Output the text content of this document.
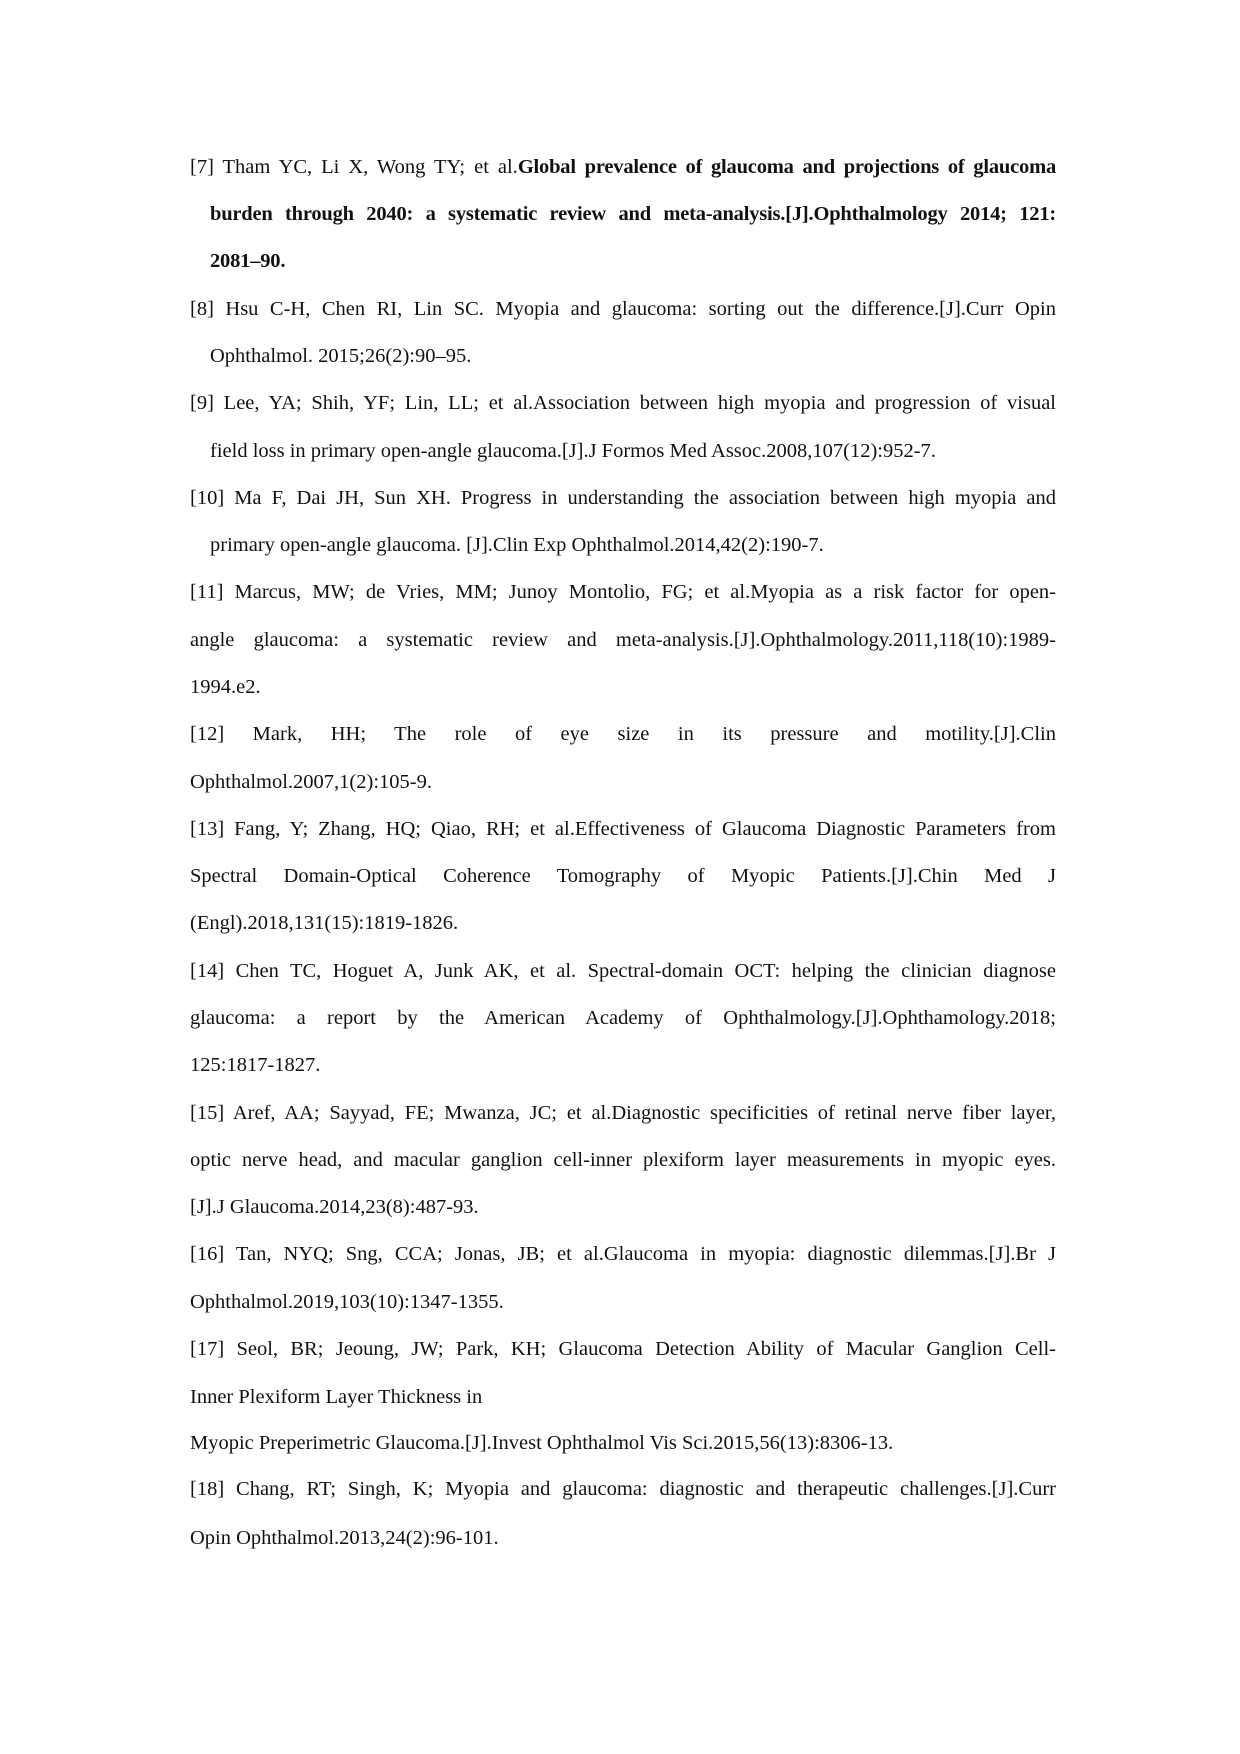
[7] Tham YC, Li X, Wong TY; et al.Global prevalence of glaucoma and projections of glaucoma
burden through 2040: a systematic review and meta-analysis.[J].Ophthalmology 2014; 121:
2081–90.
[8] Hsu C-H, Chen RI, Lin SC. Myopia and glaucoma: sorting out the difference.[J].Curr Opin
Ophthalmol. 2015;26(2):90–95.
[9] Lee, YA; Shih, YF; Lin, LL; et al.Association between high myopia and progression of visual
field loss in primary open-angle glaucoma.[J].J Formos Med Assoc.2008,107(12):952-7.
[10] Ma F, Dai JH, Sun XH. Progress in understanding the association between high myopia and
primary open-angle glaucoma. [J].Clin Exp Ophthalmol.2014,42(2):190-7.
[11] Marcus, MW; de Vries, MM; Junoy Montolio, FG; et al.Myopia as a risk factor for open-
angle glaucoma: a systematic review and meta-analysis.[J].Ophthalmology.2011,118(10):1989-
1994.e2.
[12] Mark, HH; The role of eye size in its pressure and motility.[J].Clin
Ophthalmol.2007,1(2):105-9.
[13] Fang, Y; Zhang, HQ; Qiao, RH; et al.Effectiveness of Glaucoma Diagnostic Parameters from
Spectral Domain-Optical Coherence Tomography of Myopic Patients.[J].Chin Med J
(Engl).2018,131(15):1819-1826.
[14] Chen TC, Hoguet A, Junk AK, et al. Spectral-domain OCT: helping the clinician diagnose
glaucoma: a report by the American Academy of Ophthalmology.[J].Ophthamology.2018;
125:1817-1827.
[15] Aref, AA; Sayyad, FE; Mwanza, JC; et al.Diagnostic specificities of retinal nerve fiber layer,
optic nerve head, and macular ganglion cell-inner plexiform layer measurements in myopic eyes.
[J].J Glaucoma.2014,23(8):487-93.
[16] Tan, NYQ; Sng, CCA; Jonas, JB; et al.Glaucoma in myopia: diagnostic dilemmas.[J].Br J
Ophthalmol.2019,103(10):1347-1355.
[17] Seol, BR; Jeoung, JW; Park, KH; Glaucoma Detection Ability of Macular Ganglion Cell-
Inner Plexiform Layer Thickness in
Myopic Preperimetric Glaucoma.[J].Invest Ophthalmol Vis Sci.2015,56(13):8306-13.
[18] Chang, RT; Singh, K; Myopia and glaucoma: diagnostic and therapeutic challenges.[J].Curr
Opin Ophthalmol.2013,24(2):96-101.
